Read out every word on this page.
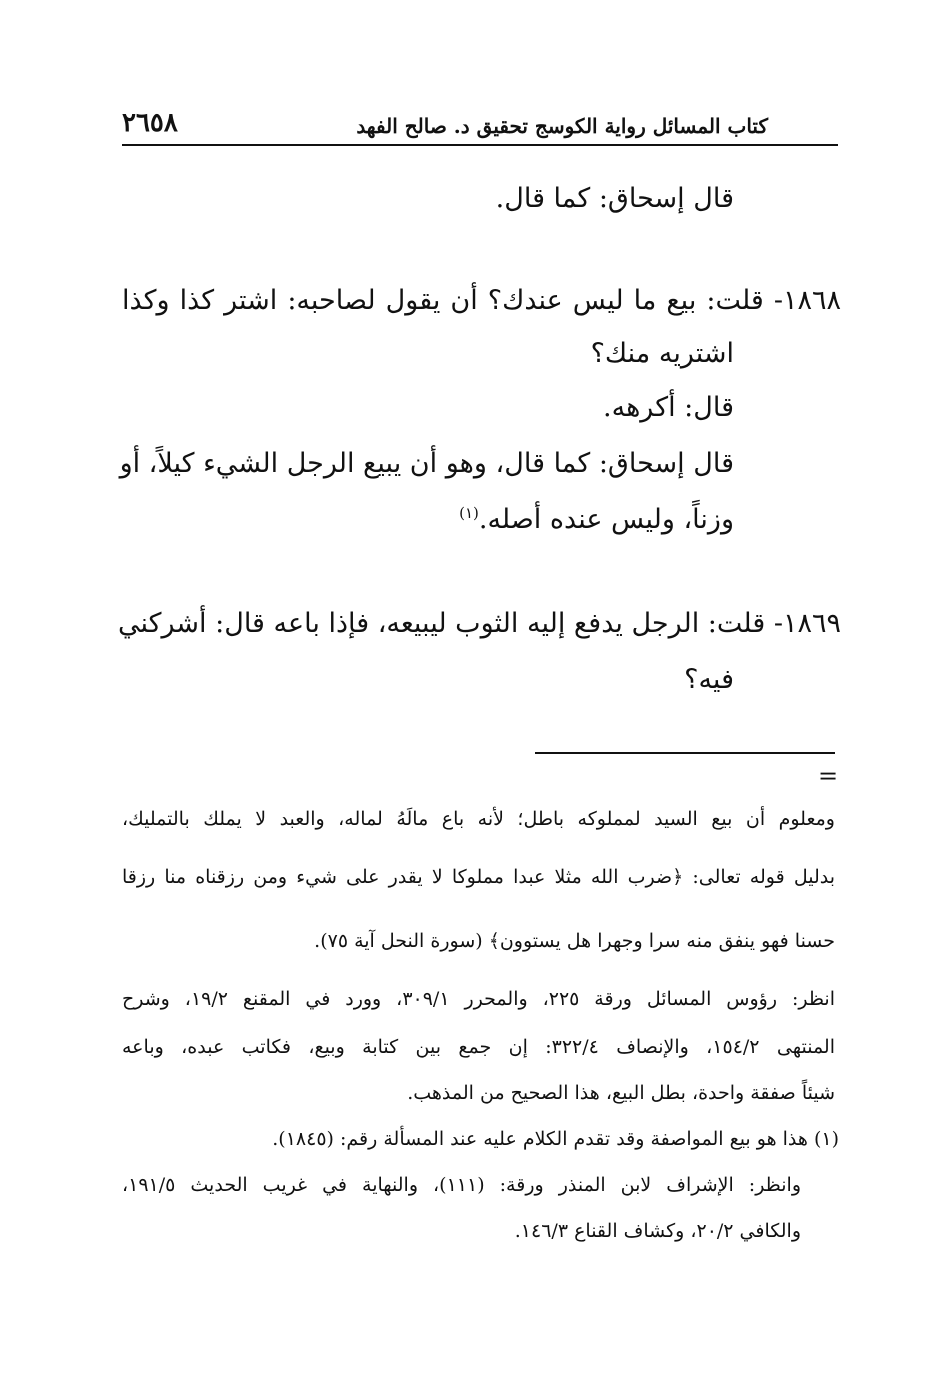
كتاب المسائل رواية الكوسج تحقيق د. صالح الفهد
٢٦٥٨
قال إسحاق: كما قال.
١٨٦٨- قلت: بيع ما ليس عندك؟ أن يقول لصاحبه: اشتر كذا وكذا
اشتريه منك؟
قال: أكرهه.
قال إسحاق: كما قال، وهو أن يبيع الرجل الشيء كيلاً، أو
وزناً، وليس عنده أصله.$^{(١)}$
١٨٦٩- قلت: الرجل يدفع إليه الثوب ليبيعه، فإذا باعه قال: أشركني
فيه؟
=
ومعلوم أن بيع السيد لمملوكه باطل؛ لأنه باع مالَهُ لماله، والعبد لا يملك بالتمليك،
بدليل قوله تعالى: ﴿ضرب الله مثلا عبدا مملوكا لا يقدر على شيء ومن رزقناه منا رزقا
حسنا فهو ينفق منه سرا وجهرا هل يستوون﴾ (سورة النحل آية ٧٥).
انظر: رؤوس المسائل ورقة ٢٢٥، والمحرر ٣٠٩/١، وورد في المقنع ١٩/٢، وشرح
المنتهى ١٥٤/٢، والإنصاف ٣٢٢/٤: إن جمع بين كتابة وبيع، فكاتب عبده، وباعه
شيئاً صفقة واحدة، بطل البيع، هذا الصحيح من المذهب.
(١) هذا هو بيع المواصفة وقد تقدم الكلام عليه عند المسألة رقم: (١٨٤٥).
وانظر: الإشراف لابن المنذر ورقة: (١١١)، والنهاية في غريب الحديث ١٩١/٥،
والكافي ٢٠/٢، وكشاف القناع ١٤٦/٣.
